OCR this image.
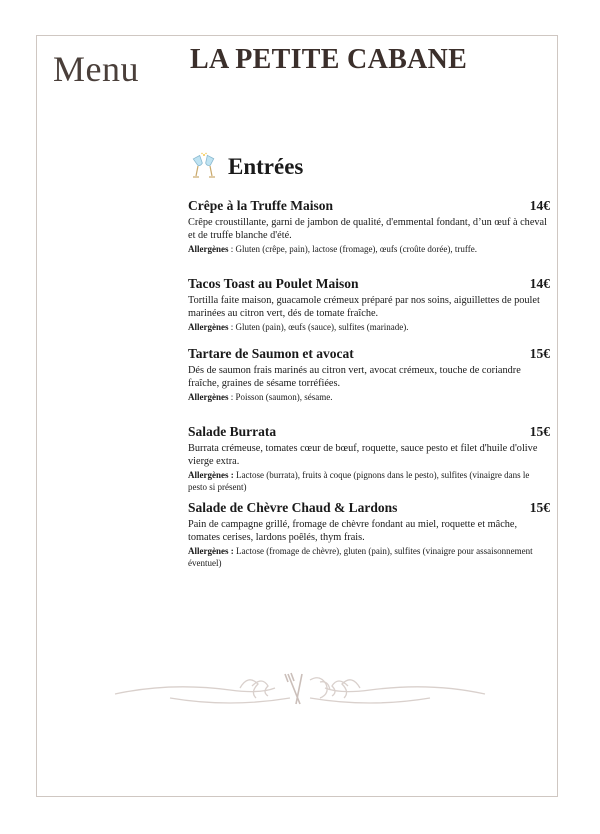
Menu LA PETITE CABANE
Entrées
Crêpe à la Truffe Maison	14€
Crêpe croustillante, garni de jambon de qualité, d'emmental fondant, d’un œuf à cheval et de truffe blanche d'été.
Allergènes : Gluten (crêpe, pain), lactose (fromage), œufs (croûte dorée), truffe.
Tacos Toast au Poulet Maison	14€
Tortilla faite maison, guacamole crémeux préparé par nos soins, aiguillettes de poulet marinées au citron vert, dés de tomate fraîche.
Allergènes : Gluten (pain), œufs (sauce), sulfites (marinade).
Tartare de Saumon et avocat	15€
Dés de saumon frais marinés au citron vert, avocat crémeux, touche de coriandre fraîche, graines de sésame torréfiées.
Allergènes : Poisson (saumon), sésame.
Salade Burrata	15€
Burrata crémeuse, tomates cœur de bœuf, roquette, sauce pesto et filet d'huile d'olive vierge extra.
Allergènes : Lactose (burrata), fruits à coque (pignons dans le pesto), sulfites (vinaigre dans le pesto si présent)
Salade de Chèvre Chaud & Lardons	15€
Pain de campagne grillé, fromage de chèvre fondant au miel, roquette et mâche, tomates cerises, lardons poêlés, thym frais.
Allergènes : Lactose (fromage de chèvre), gluten (pain), sulfites (vinaigre pour assaisonnement éventuel)
